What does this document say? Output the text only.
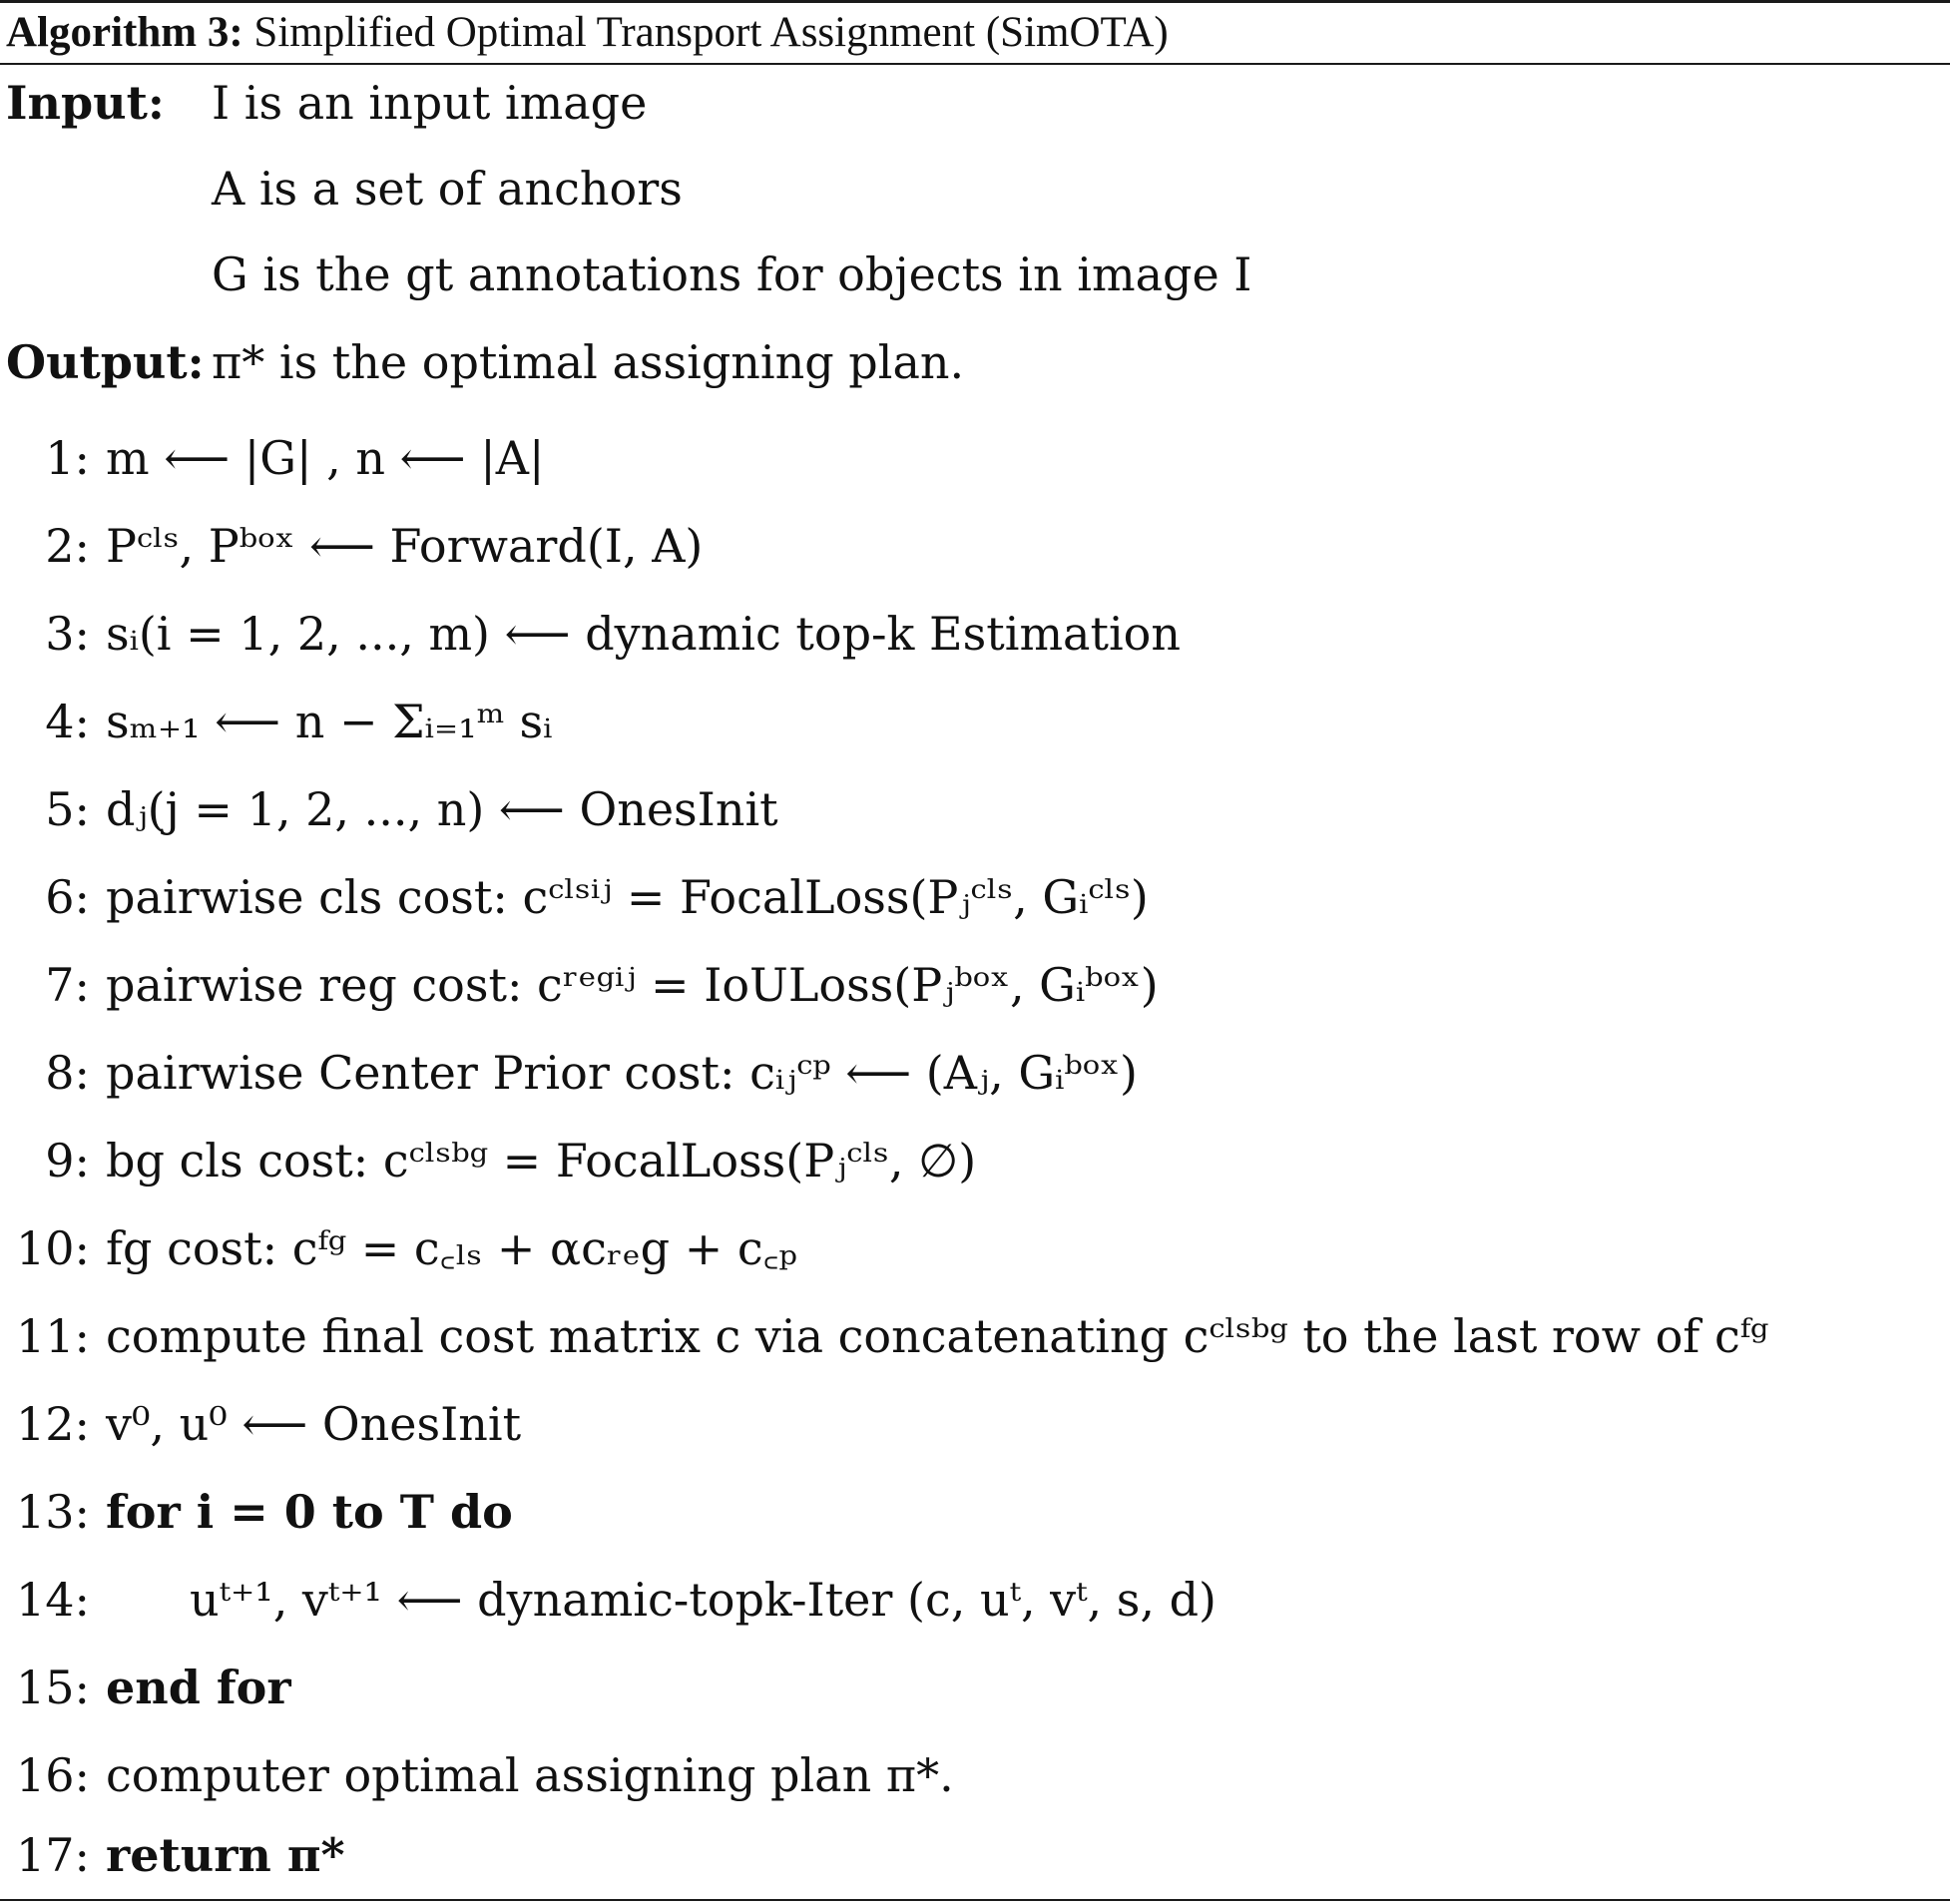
Algorithm 3: Simplified Optimal Transport Assignment (SimOTA)
Input: I is an input image
A is a set of anchors
G is the gt annotations for objects in image I
Output: π* is the optimal assigning plan.
1: m ⟵ |G| , n ⟵ |A|
2: Pᶜˡˢ, Pᵇᵒˣ ⟵ Forward(I, A)
3: sᵢ(i = 1, 2, ..., m) ⟵ dynamic top-k Estimation
4: sₘ₊₁ ⟵ n − Σᵢ₌₁ᵐ sᵢ
5: dⱼ(j = 1, 2, ..., n) ⟵ OnesInit
6: pairwise cls cost: cᶜˡˢⁱʲ = FocalLoss(Pⱼᶜˡˢ, Gᵢᶜˡˢ)
7: pairwise reg cost: cʳᵉᵍⁱʲ = IoULoss(Pⱼᵇᵒˣ, Gᵢᵇᵒˣ)
8: pairwise Center Prior cost: cᵢⱼᶜᵖ ⟵ (Aⱼ, Gᵢᵇᵒˣ)
9: bg cls cost: cᶜˡˢᵇᵍ = FocalLoss(Pⱼᶜˡˢ, ∅)
10: fg cost: cᶠᵍ = c꜀ₗₛ + αcᵣₑg + c꜀ₚ
11: compute final cost matrix c via concatenating cᶜˡˢᵇᵍ to the last row of cᶠᵍ
12: v⁰, u⁰ ⟵ OnesInit
13: for i = 0 to T do
14: uᵗ⁺¹, vᵗ⁺¹ ⟵ dynamic-topk-Iter (c, uᵗ, vᵗ, s, d)
15: end for
16: computer optimal assigning plan π*.
17: return π*
